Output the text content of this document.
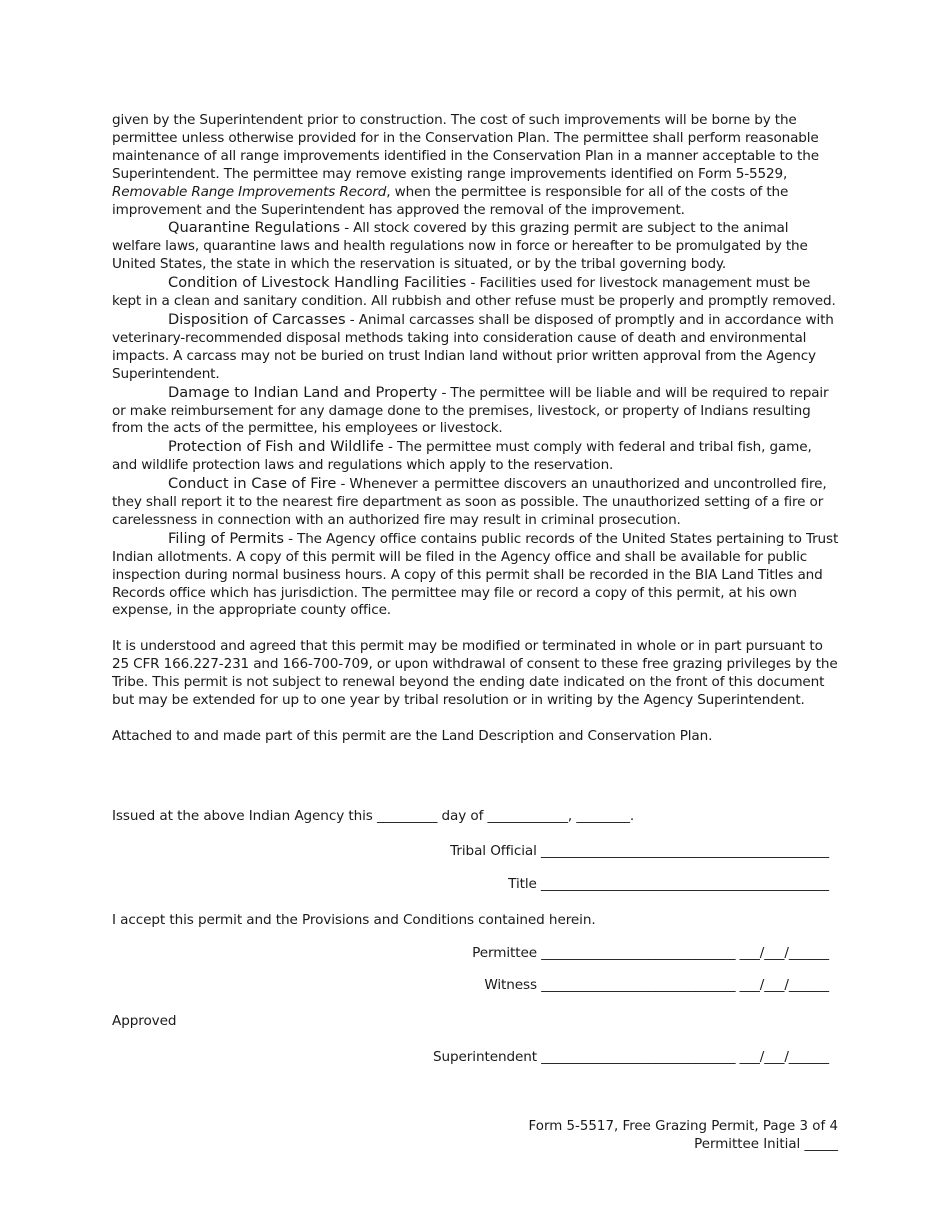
given by the Superintendent prior to construction. The cost of such improvements will be borne by the permittee unless otherwise provided for in the Conservation Plan. The permittee shall perform reasonable maintenance of all range improvements identified in the Conservation Plan in a manner acceptable to the Superintendent. The permittee may remove existing range improvements identified on Form 5-5529, Removable Range Improvements Record, when the permittee is responsible for all of the costs of the improvement and the Superintendent has approved the removal of the improvement.

Quarantine Regulations - All stock covered by this grazing permit are subject to the animal welfare laws, quarantine laws and health regulations now in force or hereafter to be promulgated by the United States, the state in which the reservation is situated, or by the tribal governing body.

Condition of Livestock Handling Facilities - Facilities used for livestock management must be kept in a clean and sanitary condition. All rubbish and other refuse must be properly and promptly removed.

Disposition of Carcasses - Animal carcasses shall be disposed of promptly and in accordance with veterinary-recommended disposal methods taking into consideration cause of death and environmental impacts. A carcass may not be buried on trust Indian land without prior written approval from the Agency Superintendent.

Damage to Indian Land and Property - The permittee will be liable and will be required to repair or make reimbursement for any damage done to the premises, livestock, or property of Indians resulting from the acts of the permittee, his employees or livestock.

Protection of Fish and Wildlife - The permittee must comply with federal and tribal fish, game, and wildlife protection laws and regulations which apply to the reservation.

Conduct in Case of Fire - Whenever a permittee discovers an unauthorized and uncontrolled fire, they shall report it to the nearest fire department as soon as possible. The unauthorized setting of a fire or carelessness in connection with an authorized fire may result in criminal prosecution.

Filing of Permits - The Agency office contains public records of the United States pertaining to Trust Indian allotments. A copy of this permit will be filed in the Agency office and shall be available for public inspection during normal business hours. A copy of this permit shall be recorded in the BIA Land Titles and Records office which has jurisdiction. The permittee may file or record a copy of this permit, at his own expense, in the appropriate county office.

It is understood and agreed that this permit may be modified or terminated in whole or in part pursuant to 25 CFR 166.227-231 and 166-700-709, or upon withdrawal of consent to these free grazing privileges by the Tribe. This permit is not subject to renewal beyond the ending date indicated on the front of this document but may be extended for up to one year by tribal resolution or in writing by the Agency Superintendent.

Attached to and made part of this permit are the Land Description and Conservation Plan.

Issued at the above Indian Agency this _________ day of ____________, ________.
Tribal Official ___________________________________________
Title ___________________________________________
I accept this permit and the Provisions and Conditions contained herein.
Permittee _____________________________ ___/___/______
Witness _____________________________ ___/___/______
Approved
Superintendent _____________________________ ___/___/______
Form 5-5517, Free Grazing Permit, Page 3 of 4
Permittee Initial _____
